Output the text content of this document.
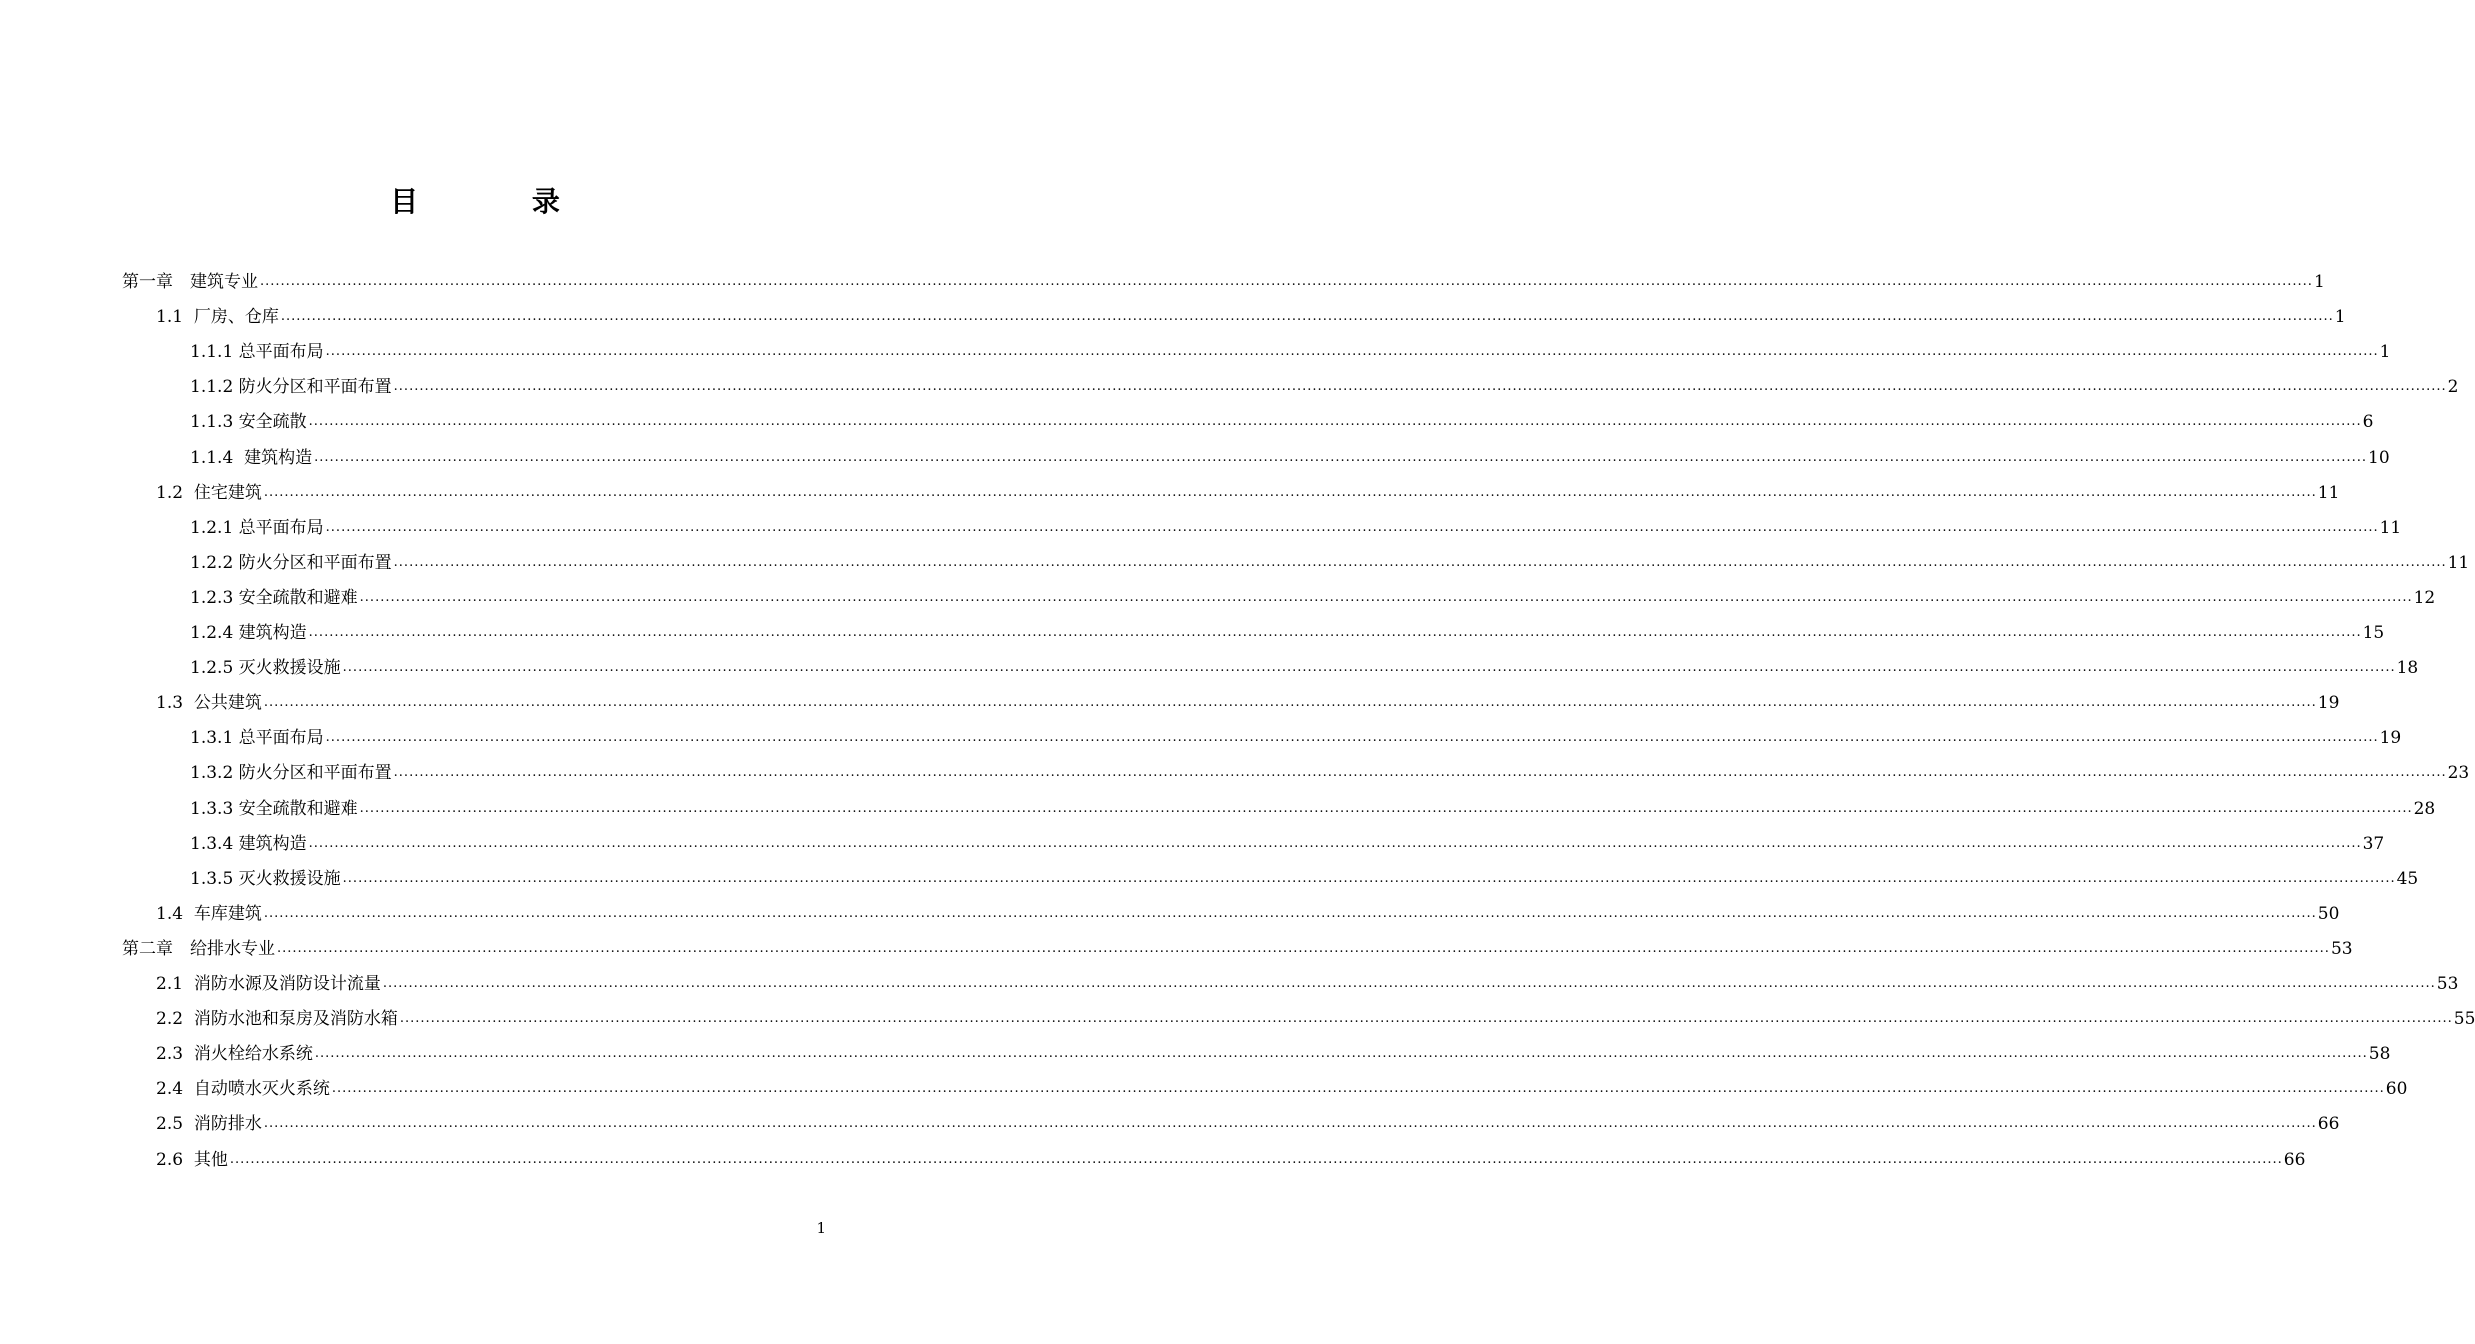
目 录
第一章　建筑专业 ................................................................................................................................................................................................................................................................................................................................................................................................................ 1
1.1  厂房、仓库 ................................................................................................................................................................................................................................................................................................................................................................................................................ 1
1.1.1 总平面布局 ................................................................................................................................................................................................................................................................................................................................................................................................................ 1
1.1.2 防火分区和平面布置 ................................................................................................................................................................................................................................................................................................................................................................................................................ 2
1.1.3 安全疏散 ................................................................................................................................................................................................................................................................................................................................................................................................................ 6
1.1.4  建筑构造 ................................................................................................................................................................................................................................................................................................................................................................................................................ 10
1.2  住宅建筑 ................................................................................................................................................................................................................................................................................................................................................................................................................ 11
1.2.1 总平面布局 ................................................................................................................................................................................................................................................................................................................................................................................................................ 11
1.2.2 防火分区和平面布置 ................................................................................................................................................................................................................................................................................................................................................................................................................ 11
1.2.3 安全疏散和避难 ................................................................................................................................................................................................................................................................................................................................................................................................................ 12
1.2.4 建筑构造 ................................................................................................................................................................................................................................................................................................................................................................................................................ 15
1.2.5 灭火救援设施 ................................................................................................................................................................................................................................................................................................................................................................................................................ 18
1.3  公共建筑 ................................................................................................................................................................................................................................................................................................................................................................................................................ 19
1.3.1 总平面布局 ................................................................................................................................................................................................................................................................................................................................................................................................................ 19
1.3.2 防火分区和平面布置 ................................................................................................................................................................................................................................................................................................................................................................................................................ 23
1.3.3 安全疏散和避难 ................................................................................................................................................................................................................................................................................................................................................................................................................ 28
1.3.4 建筑构造 ................................................................................................................................................................................................................................................................................................................................................................................................................ 37
1.3.5 灭火救援设施 ................................................................................................................................................................................................................................................................................................................................................................................................................ 45
1.4  车库建筑 ................................................................................................................................................................................................................................................................................................................................................................................................................ 50
第二章　给排水专业 ................................................................................................................................................................................................................................................................................................................................................................................................................ 53
2.1  消防水源及消防设计流量 ................................................................................................................................................................................................................................................................................................................................................................................................................ 53
2.2  消防水池和泵房及消防水箱 ................................................................................................................................................................................................................................................................................................................................................................................................................ 55
2.3  消火栓给水系统 ................................................................................................................................................................................................................................................................................................................................................................................................................ 58
2.4  自动喷水灭火系统 ................................................................................................................................................................................................................................................................................................................................................................................................................ 60
2.5  消防排水 ................................................................................................................................................................................................................................................................................................................................................................................................................ 66
2.6  其他 ................................................................................................................................................................................................................................................................................................................................................................................................................ 66
1
